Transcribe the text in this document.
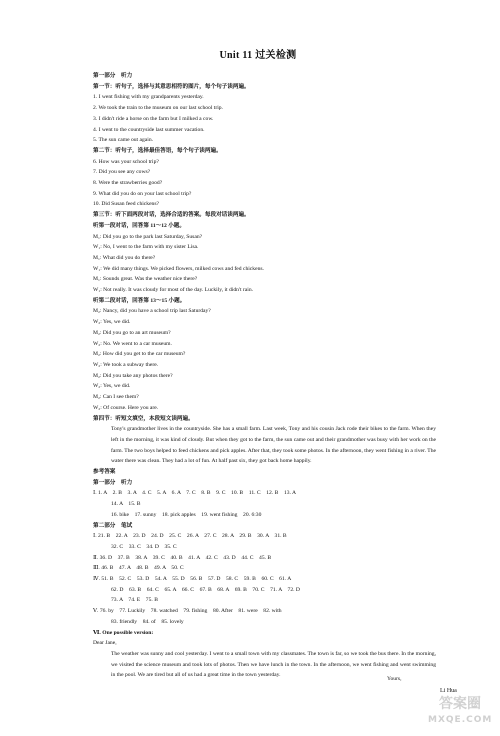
Unit 11 过关检测
第一部分　听力
第一节：听句子，选择与其意思相符的图片，每个句子读两遍。
1. I went fishing with my grandparents yesterday.
2. We took the train to the museum on our last school trip.
3. I didn't ride a horse on the farm but I milked a cow.
4. I went to the countryside last summer vacation.
5. The sun came out again.
第二节：听句子，选择最佳答语，每个句子读两遍。
6. How was your school trip?
7. Did you see any cows?
8. Were the strawberries good?
9. What did you do on your last school trip?
10. Did Susan feed chickens?
第三节：听下面两段对话，选择合适的答案。每段对话读两遍。
听第一段对话，回答第 11～12 小题。
M₁: Did you go to the park last Saturday, Susan?
W₁: No, I went to the farm with my sister Lisa.
M₁: What did you do there?
W₁: We did many things. We picked flowers, milked cows and fed chickens.
M₁: Sounds great. Was the weather nice there?
W₁: Not really. It was cloudy for most of the day. Luckily, it didn't rain.
听第二段对话，回答第 13～15 小题。
M₂: Nancy, did you have a school trip last Saturday?
W₂: Yes, we did.
M₂: Did you go to an art museum?
W₂: No. We went to a car museum.
M₂: How did you get to the car museum?
W₂: We took a subway there.
M₂: Did you take any photos there?
W₂: Yes, we did.
M₂: Can I see them?
W₂: Of course. Here you are.
第四节：听短文填空，本段短文读两遍。
Tony's grandmother lives in the countryside. She has a small farm. Last week, Tony and his cousin Jack rode their bikes to the farm. When they left in the morning, it was kind of cloudy. But when they got to the farm, the sun came out and their grandmother was busy with her work on the farm. The two boys helped to feed chickens and pick apples. After that, they took some photos. In the afternoon, they went fishing in a river. The water there was clean. They had a lot of fun. At half past six, they got back home happily.
参考答案
第一部分　听力
Ⅰ. 1. A　2. B　3. A　4. C　5. A　6. A　7. C　8. B　9. C　10. B　11. C　12. B　13. A
14. A　15. B
16. bike　17. sunny　18. pick apples　19. went fishing　20. 6:30
第二部分　笔试
Ⅰ. 21. B　22. A　23. D　24. D　25. C　26. A　27. C　28. A　29. B　30. A　31. B
32. C　33. C　34. D　35. C
Ⅱ. 36. D　37. B　38. A　39. C　40. B　41. A　42. C　43. D　44. C　45. B
Ⅲ. 46. B　47. A　48. B　49. A　50. C
Ⅳ. 51. B　52. C　53. D　54. A　55. D　56. B　57. D　58. C　59. B　60. C　61. A
62. D　63. B　64. C　65. A　66. C　67. B　68. A　69. B　70. C　71. A　72. D
73. A　74. E　75. B
Ⅴ. 76. by　77. Luckily　78. watched　79. fishing　80. After　81. were　82. with
83. friendly　84. of　85. lovely
Ⅵ. One possible version:
Dear Jane,
The weather was sunny and cool yesterday. I went to a small town with my classmates. The town is far, so we took the bus there. In the morning, we visited the science museum and took lots of photos. Then we have lunch in the town. In the afternoon, we went fishing and went swimming in the pool. We are tired but all of us had a great time in the town yesterday.
Yours,
Li Hua
答案圈
MXQE.COM
